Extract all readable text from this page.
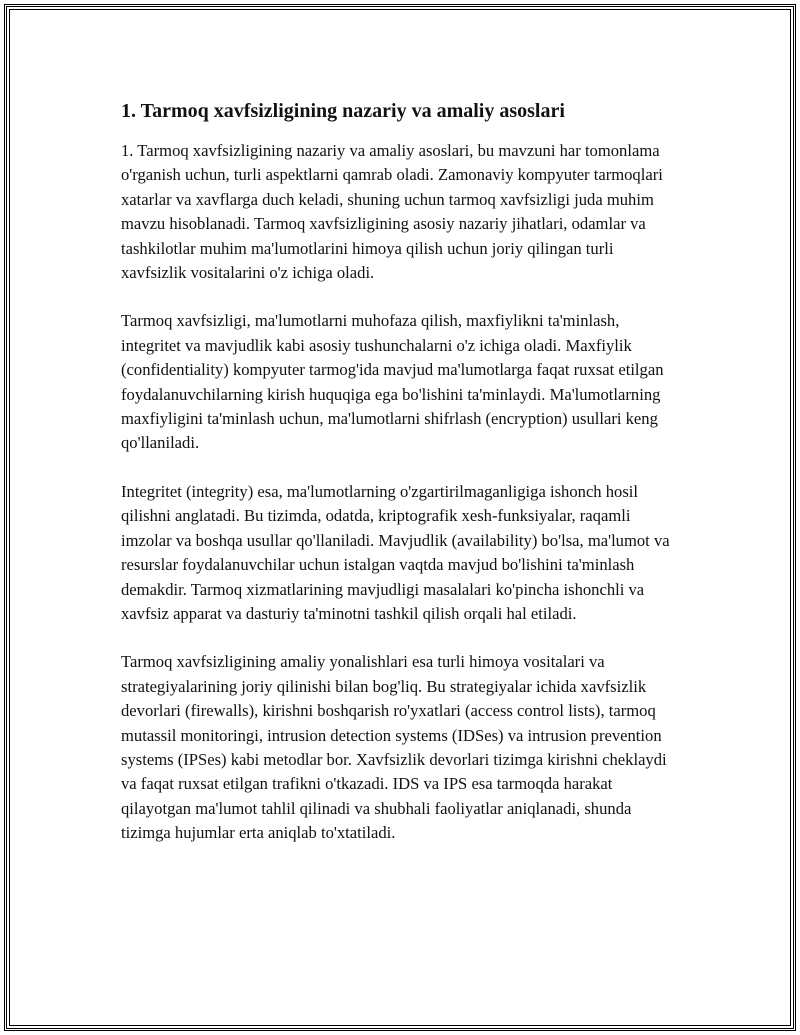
1. Tarmoq xavfsizligining nazariy va amaliy asoslari

1. Tarmoq xavfsizligining nazariy va amaliy asoslari, bu mavzuni har tomonlama o'rganish uchun, turli aspektlarni qamrab oladi. Zamonaviy kompyuter tarmoqlari xatarlar va xavflarga duch keladi, shuning uchun tarmoq xavfsizligi juda muhim mavzu hisoblanadi. Tarmoq xavfsizligining asosiy nazariy jihatlari, odamlar va tashkilotlar muhim ma'lumotlarini himoya qilish uchun joriy qilingan turli xavfsizlik vositalarini o'z ichiga oladi.

Tarmoq xavfsizligi, ma'lumotlarni muhofaza qilish, maxfiylikni ta'minlash, integritet va mavjudlik kabi asosiy tushunchalarni o'z ichiga oladi. Maxfiylik (confidentiality) kompyuter tarmog'ida mavjud ma'lumotlarga faqat ruxsat etilgan foydalanuvchilarning kirish huquqiga ega bo'lishini ta'minlaydi. Ma'lumotlarning maxfiyligini ta'minlash uchun, ma'lumotlarni shifrlash (encryption) usullari keng qo'llaniladi.

Integritet (integrity) esa, ma'lumotlarning o'zgartirilmaganligiga ishonch hosil qilishni anglatadi. Bu tizimda, odatda, kriptografik xesh-funksiyalar, raqamli imzolar va boshqa usullar qo'llaniladi. Mavjudlik (availability) bo'lsa, ma'lumot va resurslar foydalanuvchilar uchun istalgan vaqtda mavjud bo'lishini ta'minlash demakdir. Tarmoq xizmatlarining mavjudligi masalalari ko'pincha ishonchli va xavfsiz apparat va dasturiy ta'minotni tashkil qilish orqali hal etiladi.

Tarmoq xavfsizligining amaliy yonalishlari esa turli himoya vositalari va strategiyalarining joriy qilinishi bilan bog'liq. Bu strategiyalar ichida xavfsizlik devorlari (firewalls), kirishni boshqarish ro'yxatlari (access control lists), tarmoq mutassil monitoringi, intrusion detection systems (IDSes) va intrusion prevention systems (IPSes) kabi metodlar bor. Xavfsizlik devorlari tizimga kirishni cheklaydi va faqat ruxsat etilgan trafikni o'tkazadi. IDS va IPS esa tarmoqda harakat qilayotgan ma'lumot tahlil qilinadi va shubhali faoliyatlar aniqlanadi, shunda tizimga hujumlar erta aniqlab to'xtatiladi.
